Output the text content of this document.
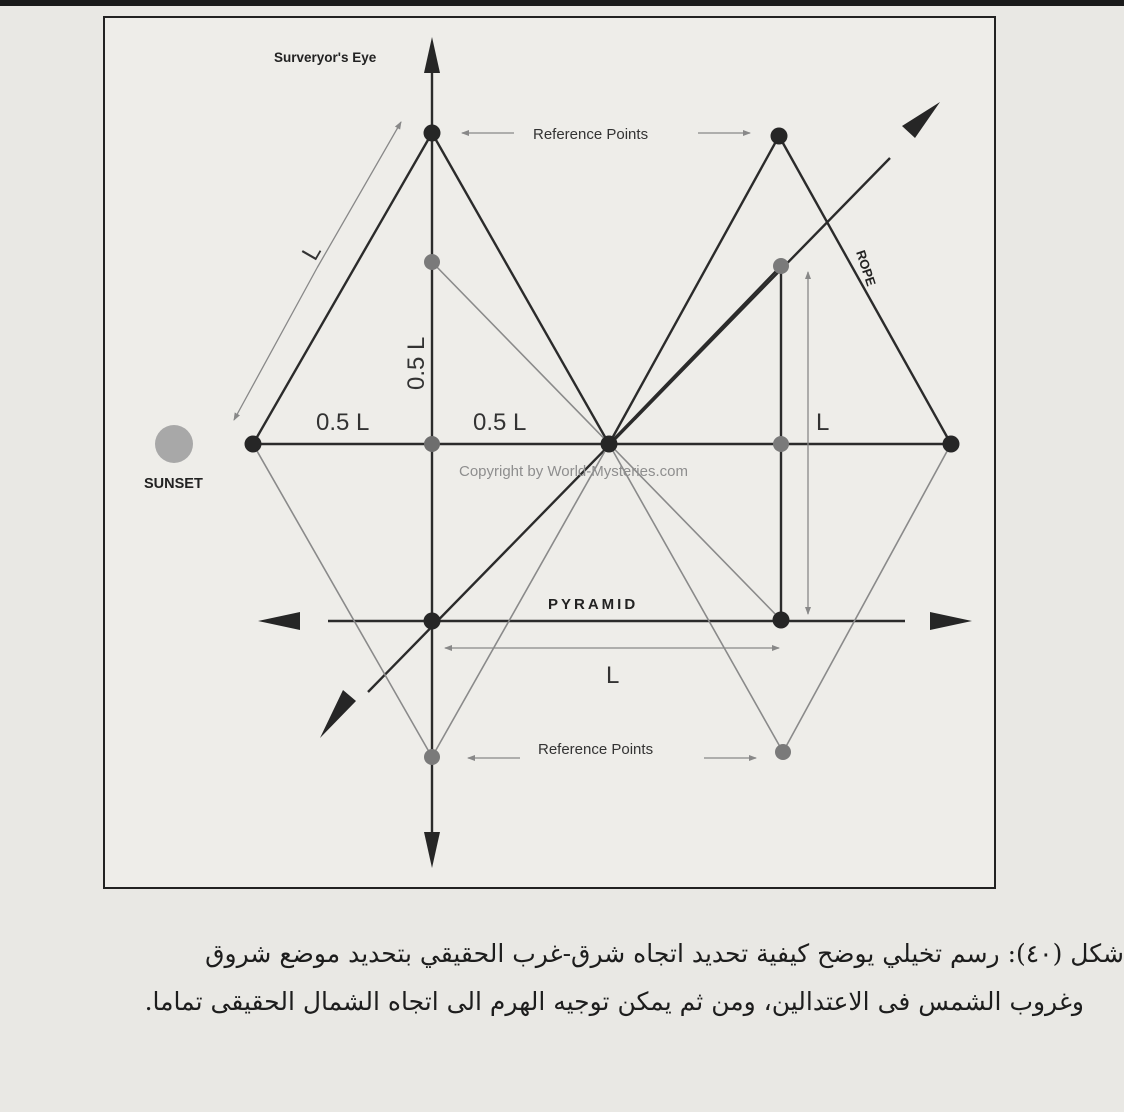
Surveryor's Eye
Reference Points
ROPE
SUNSET
PYRAMID
Copyright by World-Mysteries.com
Reference Points
L
0.5 L
0.5 L	0.5 L	L
L
شكل (٤٠): رسم تخيلي يوضح كيفية تحديد اتجاه شرق-غرب الحقيقي بتحديد موضع شروق
وغروب الشمس فى الاعتدالين، ومن ثم يمكن توجيه الهرم الى اتجاه الشمال الحقيقى تماما.
